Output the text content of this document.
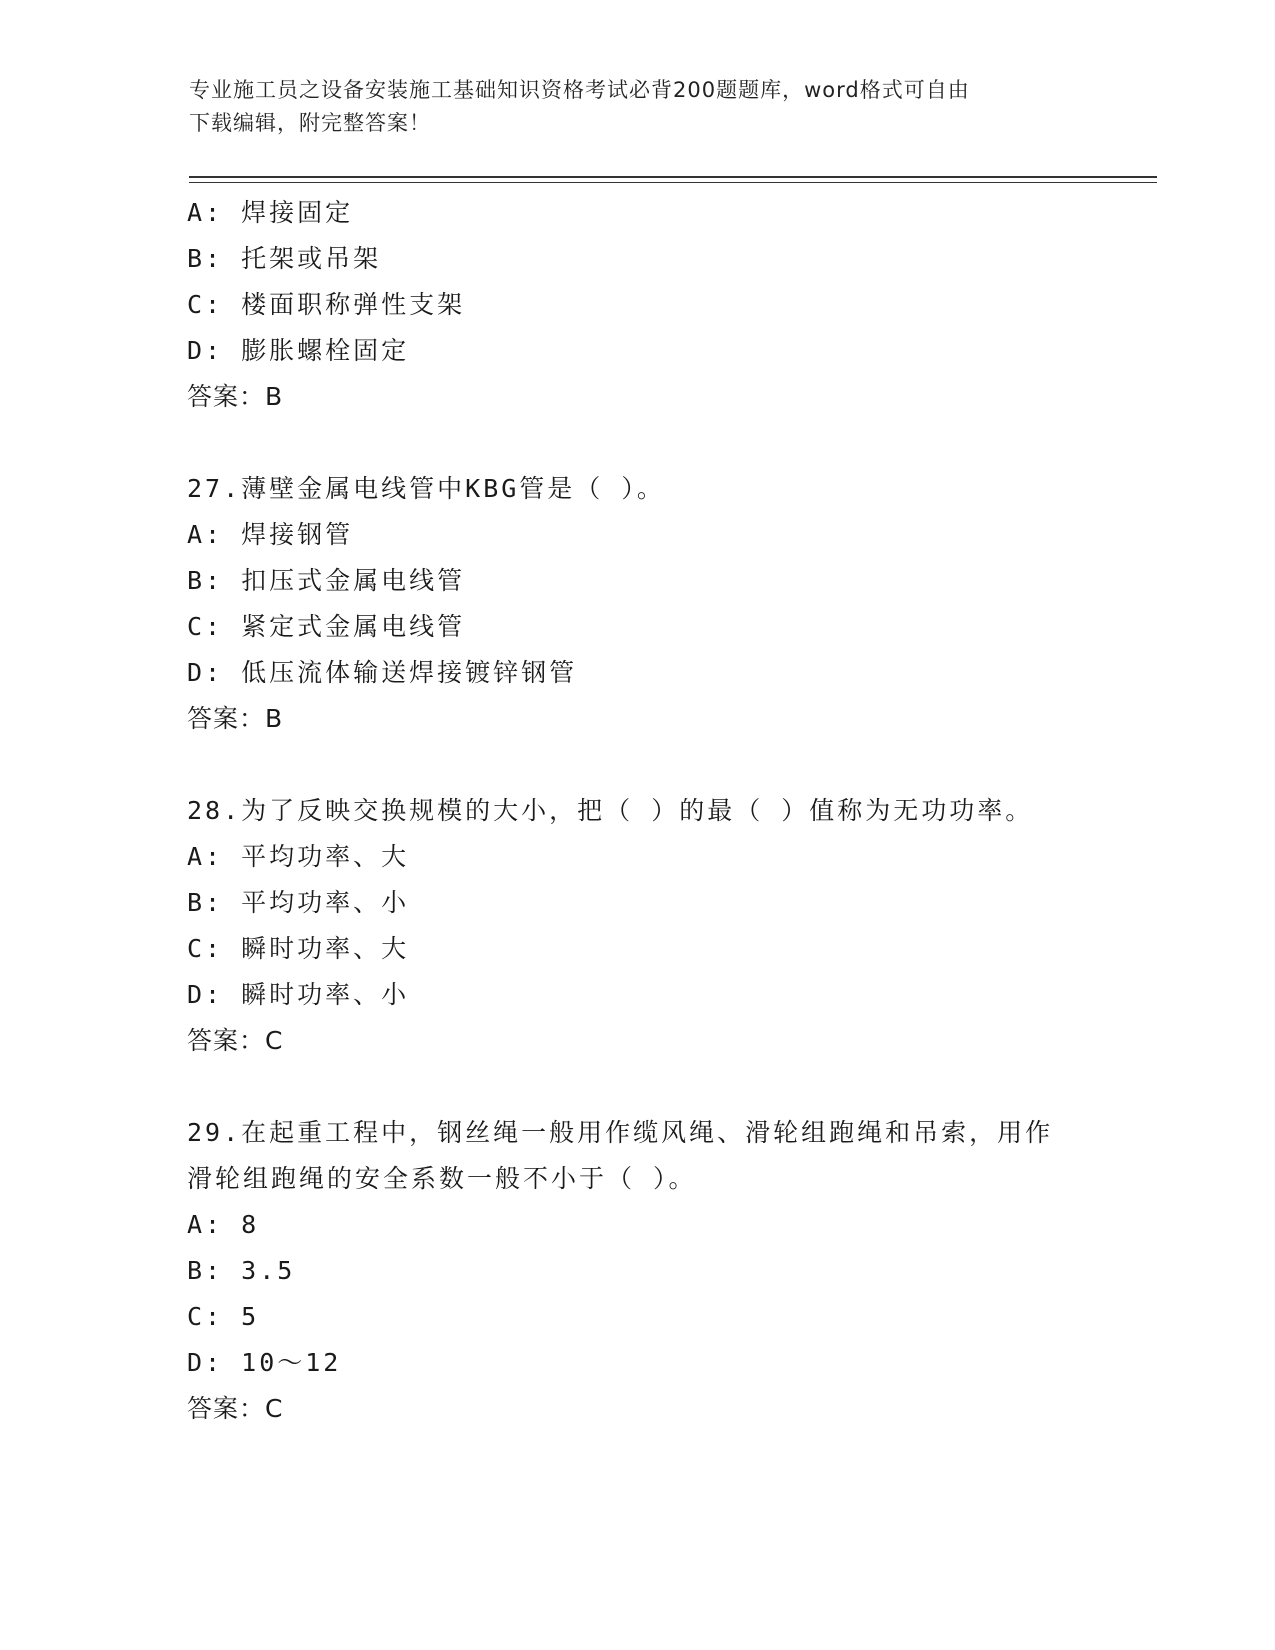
专业施工员之设备安装施工基础知识资格考试必背200题题库，word格式可自由
下载编辑，附完整答案！
A: 焊接固定
B: 托架或吊架
C: 楼面职称弹性支架
D: 膨胀螺栓固定
答案：B
27.薄壁金属电线管中KBG管是（ ）。
A: 焊接钢管
B: 扣压式金属电线管
C: 紧定式金属电线管
D: 低压流体输送焊接镀锌钢管
答案：B
28.为了反映交换规模的大小，把（ ）的最（ ）值称为无功功率。
A: 平均功率、大
B: 平均功率、小
C: 瞬时功率、大
D: 瞬时功率、小
答案：C
29.在起重工程中，钢丝绳一般用作缆风绳、滑轮组跑绳和吊索，用作
滑轮组跑绳的安全系数一般不小于（ ）。
A: 8
B: 3.5
C: 5
D: 10～12
答案：C
